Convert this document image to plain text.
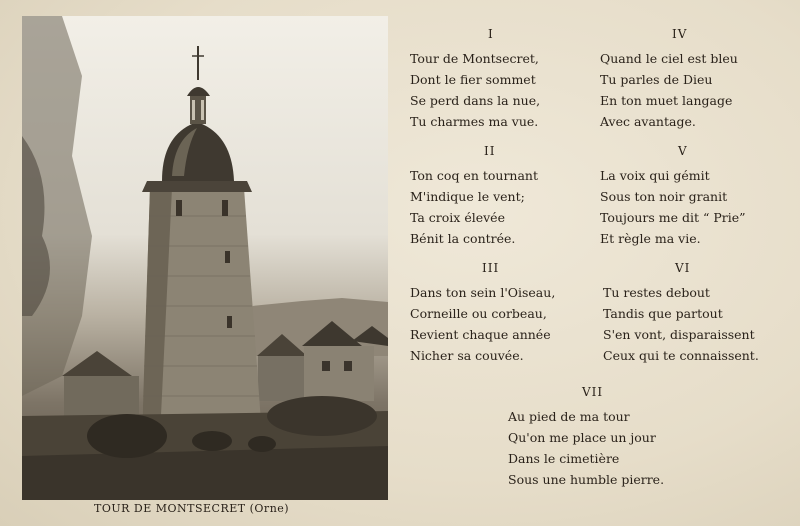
TOUR DE MONTSECRET (Orne)
I
Tour de Montsecret,
Dont le fier sommet
Se perd dans la nue,
Tu charmes ma vue.
II
Ton coq en tournant
M'indique le vent;
Ta croix élevée
Bénit la contrée.
III
Dans ton sein l'Oiseau,
Corneille ou corbeau,
Revient chaque année
Nicher sa couvée.
IV
Quand le ciel est bleu
Tu parles de Dieu
En ton muet langage
Avec avantage.
V
La voix qui gémit
Sous ton noir granit
Toujours me dit “ Prie”
Et règle ma vie.
VI
Tu restes debout
Tandis que partout
S'en vont, disparaissent
Ceux qui te connaissent.
VII
Au pied de ma tour
Qu'on me place un jour
Dans le cimetière
Sous une humble pierre.
